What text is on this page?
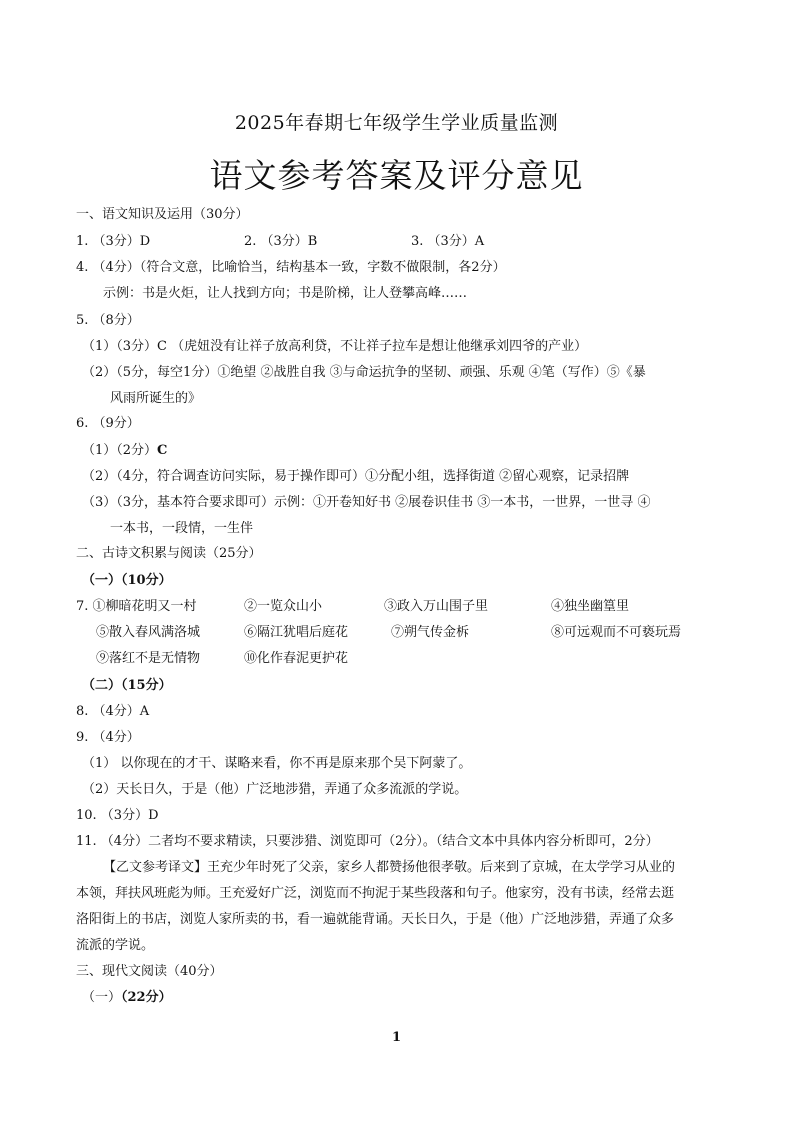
2025年春期七年级学生学业质量监测
语文参考答案及评分意见
一、语文知识及运用（30分）
1. （3分）D	2. （3分）B	3. （3分）A
4. （4分）（符合文意，比喻恰当，结构基本一致，字数不做限制，各2分）
示例：书是火炬，让人找到方向；书是阶梯，让人登攀高峰……
5. （8分）
（1）（3分）C （虎妞没有让祥子放高利贷，不让祥子拉车是想让他继承刘四爷的产业）
（2）（5分，每空1分）①绝望 ②战胜自我 ③与命运抗争的坚韧、顽强、乐观 ④笔（写作）⑤《暴
风雨所诞生的》
6. （9分）
（1）（2分）C
（2）（4分，符合调查访问实际，易于操作即可）①分配小组，选择街道 ②留心观察，记录招牌
（3）（3分，基本符合要求即可）示例：①开卷知好书 ②展卷识佳书 ③一本书，一世界，一世寻 ④
一本书，一段情，一生伴
二、古诗文积累与阅读（25分）
（一）（10分）
7. ①柳暗花明又一村	②一览众山小	③政入万山围子里	④独坐幽篁里
⑤散入春风满洛城	⑥隔江犹唱后庭花	⑦朔气传金柝	⑧可远观而不可亵玩焉
⑨落红不是无情物	⑩化作春泥更护花
（二）（15分）
8. （4分）A
9. （4分）
（1） 以你现在的才干、谋略来看，你不再是原来那个吴下阿蒙了。
（2）天长日久，于是（他）广泛地涉猎，弄通了众多流派的学说。
10. （3分）D
11. （4分）二者均不要求精读，只要涉猎、浏览即可（2分）。（结合文本中具体内容分析即可，2分）
【乙文参考译文】王充少年时死了父亲，家乡人都赞扬他很孝敬。后来到了京城，在太学学习从业的
本领，拜扶风班彪为师。王充爱好广泛，浏览而不拘泥于某些段落和句子。他家穷，没有书读，经常去逛
洛阳街上的书店，浏览人家所卖的书，看一遍就能背诵。天长日久，于是（他）广泛地涉猎，弄通了众多
流派的学说。
三、现代文阅读（40分）
（一）（22分）
1
